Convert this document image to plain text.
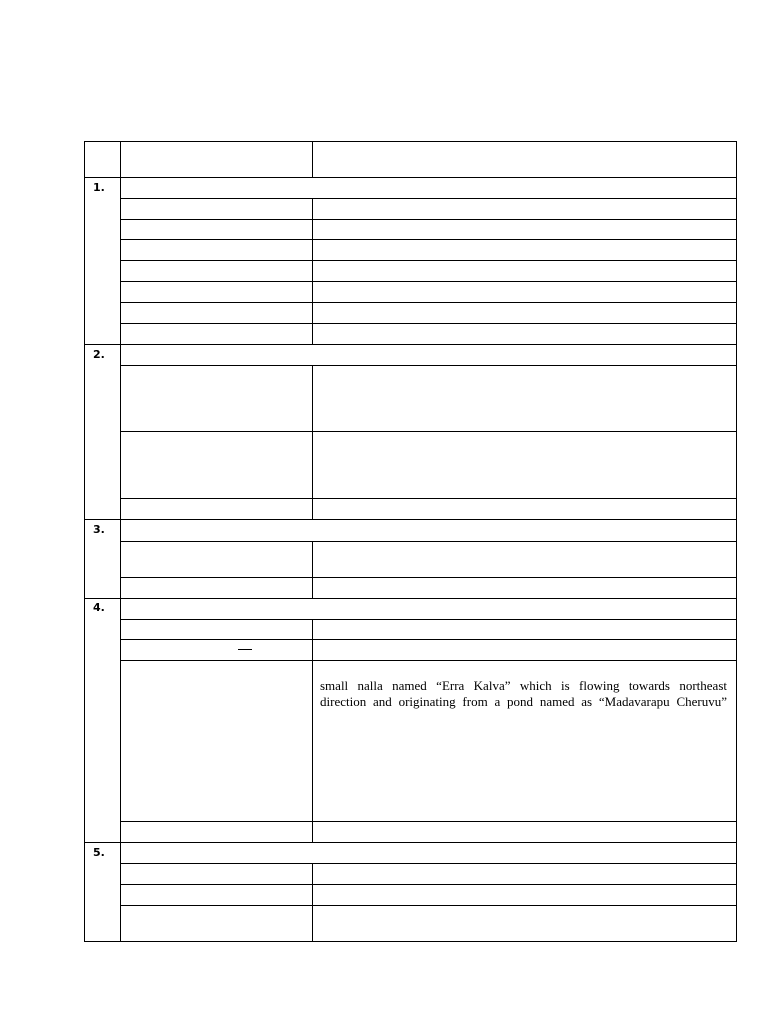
1.
2.
3.
4.
5.
small nalla named “Erra Kalva” which is flowing towards northeast
direction and originating from a pond named as “Madavarapu Cheruvu”
